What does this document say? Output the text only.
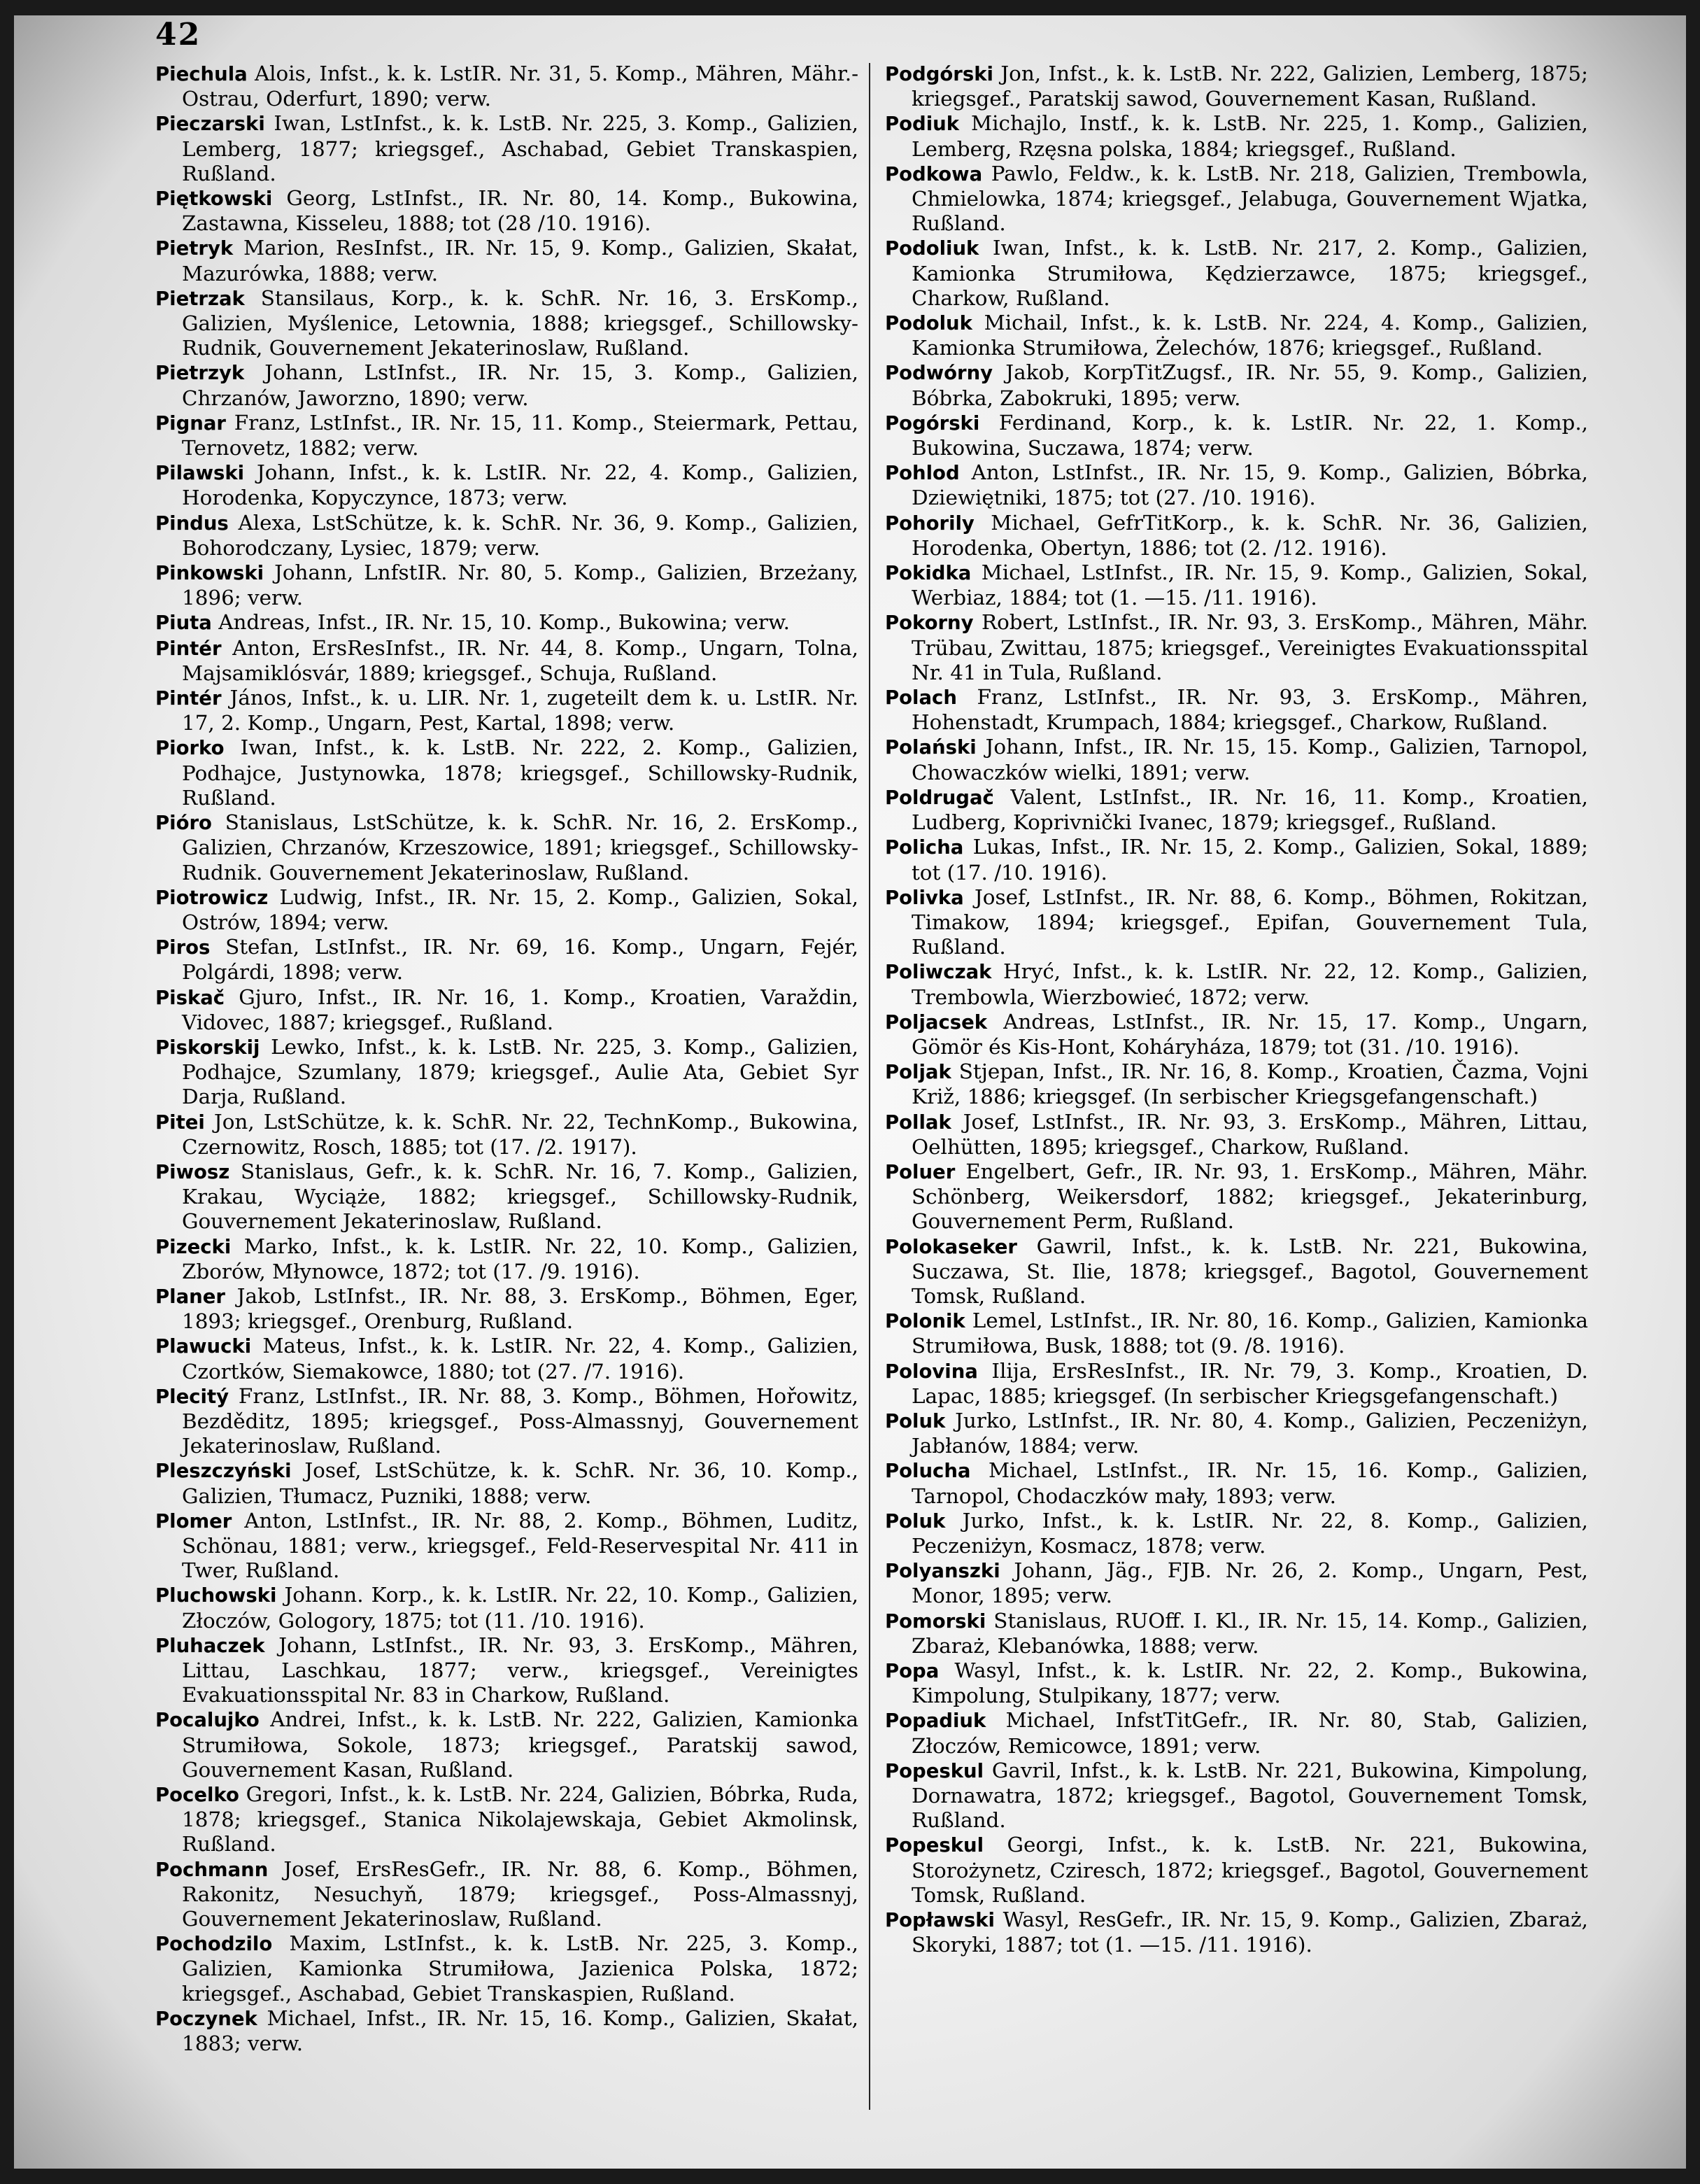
42

Piechula Alois, Infst., k. k. LstIR. Nr. 31, 5. Komp., Mähren, Mähr.-Ostrau, Oderfurt, 1890; verw.

Pieczarski Iwan, LstInfst., k. k. LstB. Nr. 225, 3. Komp., Galizien, Lemberg, 1877; kriegsgef., Aschabad, Gebiet Transkaspien, Rußland.

Piętkowski Georg, LstInfst., IR. Nr. 80, 14. Komp., Bukowina, Zastawna, Kisseleu, 1888; tot (28 /10. 1916).

Pietryk Marion, ResInfst., IR. Nr. 15, 9. Komp., Galizien, Skałat, Mazurówka, 1888; verw.

Pietrzak Stansilaus, Korp., k. k. SchR. Nr. 16, 3. ErsKomp., Galizien, Myślenice, Letownia, 1888; kriegsgef., Schillowsky-Rudnik, Gouvernement Jekaterinoslaw, Rußland.

Pietrzyk Johann, LstInfst., IR. Nr. 15, 3. Komp., Galizien, Chrzanów, Jaworzno, 1890; verw.

Pignar Franz, LstInfst., IR. Nr. 15, 11. Komp., Steiermark, Pettau, Ternovetz, 1882; verw.

Pilawski Johann, Infst., k. k. LstIR. Nr. 22, 4. Komp., Galizien, Horodenka, Kopyczynce, 1873; verw.

Pindus Alexa, LstSchütze, k. k. SchR. Nr. 36, 9. Komp., Galizien, Bohorodczany, Lysiec, 1879; verw.

Pinkowski Johann, LnfstIR. Nr. 80, 5. Komp., Galizien, Brzeżany, 1896; verw.

Piuta Andreas, Infst., IR. Nr. 15, 10. Komp., Bukowina; verw.

Pintér Anton, ErsResInfst., IR. Nr. 44, 8. Komp., Ungarn, Tolna, Majsamiklósvár, 1889; kriegsgef., Schuja, Rußland.

Pintér János, Infst., k. u. LIR. Nr. 1, zugeteilt dem k. u. LstIR. Nr. 17, 2. Komp., Ungarn, Pest, Kartal, 1898; verw.

Piorko Iwan, Infst., k. k. LstB. Nr. 222, 2. Komp., Galizien, Podhajce, Justynowka, 1878; kriegsgef., Schillowsky-Rudnik, Rußland.

Pióro Stanislaus, LstSchütze, k. k. SchR. Nr. 16, 2. ErsKomp., Galizien, Chrzanów, Krzeszowice, 1891; kriegsgef., Schillowsky-Rudnik. Gouvernement Jekaterinoslaw, Rußland.

Piotrowicz Ludwig, Infst., IR. Nr. 15, 2. Komp., Galizien, Sokal, Ostrów, 1894; verw.

Piros Stefan, LstInfst., IR. Nr. 69, 16. Komp., Ungarn, Fejér, Polgárdi, 1898; verw.

Piskač Gjuro, Infst., IR. Nr. 16, 1. Komp., Kroatien, Varaždin, Vidovec, 1887; kriegsgef., Rußland.

Piskorskij Lewko, Infst., k. k. LstB. Nr. 225, 3. Komp., Galizien, Podhajce, Szumlany, 1879; kriegsgef., Aulie Ata, Gebiet Syr Darja, Rußland.

Pitei Jon, LstSchütze, k. k. SchR. Nr. 22, TechnKomp., Bukowina, Czernowitz, Rosch, 1885; tot (17. /2. 1917).

Piwosz Stanislaus, Gefr., k. k. SchR. Nr. 16, 7. Komp., Galizien, Krakau, Wyciąże, 1882; kriegsgef., Schillowsky-Rudnik, Gouvernement Jekaterinoslaw, Rußland.

Pizecki Marko, Infst., k. k. LstIR. Nr. 22, 10. Komp., Galizien, Zborów, Młynowce, 1872; tot (17. /9. 1916).

Planer Jakob, LstInfst., IR. Nr. 88, 3. ErsKomp., Böhmen, Eger, 1893; kriegsgef., Orenburg, Rußland.

Plawucki Mateus, Infst., k. k. LstIR. Nr. 22, 4. Komp., Galizien, Czortków, Siemakowce, 1880; tot (27. /7. 1916).

Plecitý Franz, LstInfst., IR. Nr. 88, 3. Komp., Böhmen, Hořowitz, Bezděditz, 1895; kriegsgef., Poss-Almassnyj, Gouvernement Jekaterinoslaw, Rußland.

Pleszczyński Josef, LstSchütze, k. k. SchR. Nr. 36, 10. Komp., Galizien, Tłumacz, Puzniki, 1888; verw.

Plomer Anton, LstInfst., IR. Nr. 88, 2. Komp., Böhmen, Luditz, Schönau, 1881; verw., kriegsgef., Feld-Reservespital Nr. 411 in Twer, Rußland.

Pluchowski Johann. Korp., k. k. LstIR. Nr. 22, 10. Komp., Galizien, Złoczów, Gologory, 1875; tot (11. /10. 1916).

Pluhaczek Johann, LstInfst., IR. Nr. 93, 3. ErsKomp., Mähren, Littau, Laschkau, 1877; verw., kriegsgef., Vereinigtes Evakuationsspital Nr. 83 in Charkow, Rußland.

Pocalujko Andrei, Infst., k. k. LstB. Nr. 222, Galizien, Kamionka Strumiłowa, Sokole, 1873; kriegsgef., Paratskij sawod, Gouvernement Kasan, Rußland.

Pocelko Gregori, Infst., k. k. LstB. Nr. 224, Galizien, Bóbrka, Ruda, 1878; kriegsgef., Stanica Nikolajewskaja, Gebiet Akmolinsk, Rußland.

Pochmann Josef, ErsResGefr., IR. Nr. 88, 6. Komp., Böhmen, Rakonitz, Nesuchyň, 1879; kriegsgef., Poss-Almassnyj, Gouvernement Jekaterinoslaw, Rußland.

Pochodzilo Maxim, LstInfst., k. k. LstB. Nr. 225, 3. Komp., Galizien, Kamionka Strumiłowa, Jazienica Polska, 1872; kriegsgef., Aschabad, Gebiet Transkaspien, Rußland.

Poczynek Michael, Infst., IR. Nr. 15, 16. Komp., Galizien, Skałat, 1883; verw.

Podgórski Jon, Infst., k. k. LstB. Nr. 222, Galizien, Lemberg, 1875; kriegsgef., Paratskij sawod, Gouvernement Kasan, Rußland.

Podiuk Michajlo, Instf., k. k. LstB. Nr. 225, 1. Komp., Galizien, Lemberg, Rzęsna polska, 1884; kriegsgef., Rußland.

Podkowa Pawlo, Feldw., k. k. LstB. Nr. 218, Galizien, Trembowla, Chmielowka, 1874; kriegsgef., Jelabuga, Gouvernement Wjatka, Rußland.

Podoliuk Iwan, Infst., k. k. LstB. Nr. 217, 2. Komp., Galizien, Kamionka Strumiłowa, Kędzierzawce, 1875; kriegsgef., Charkow, Rußland.

Podoluk Michail, Infst., k. k. LstB. Nr. 224, 4. Komp., Galizien, Kamionka Strumiłowa, Żelechów, 1876; kriegsgef., Rußland.

Podwórny Jakob, KorpTitZugsf., IR. Nr. 55, 9. Komp., Galizien, Bóbrka, Zabokruki, 1895; verw.

Pogórski Ferdinand, Korp., k. k. LstIR. Nr. 22, 1. Komp., Bukowina, Suczawa, 1874; verw.

Pohlod Anton, LstInfst., IR. Nr. 15, 9. Komp., Galizien, Bóbrka, Dziewiętniki, 1875; tot (27. /10. 1916).

Pohorily Michael, GefrTitKorp., k. k. SchR. Nr. 36, Galizien, Horodenka, Obertyn, 1886; tot (2. /12. 1916).

Pokidka Michael, LstInfst., IR. Nr. 15, 9. Komp., Galizien, Sokal, Werbiaz, 1884; tot (1. —15. /11. 1916).

Pokorny Robert, LstInfst., IR. Nr. 93, 3. ErsKomp., Mähren, Mähr. Trübau, Zwittau, 1875; kriegsgef., Vereinigtes Evakuationsspital Nr. 41 in Tula, Rußland.

Polach Franz, LstInfst., IR. Nr. 93, 3. ErsKomp., Mähren, Hohenstadt, Krumpach, 1884; kriegsgef., Charkow, Rußland.

Polański Johann, Infst., IR. Nr. 15, 15. Komp., Galizien, Tarnopol, Chowaczków wielki, 1891; verw.

Poldrugač Valent, LstInfst., IR. Nr. 16, 11. Komp., Kroatien, Ludberg, Koprivnički Ivanec, 1879; kriegsgef., Rußland.

Policha Lukas, Infst., IR. Nr. 15, 2. Komp., Galizien, Sokal, 1889; tot (17. /10. 1916).

Polivka Josef, LstInfst., IR. Nr. 88, 6. Komp., Böhmen, Rokitzan, Timakow, 1894; kriegsgef., Epifan, Gouvernement Tula, Rußland.

Poliwczak Hryć, Infst., k. k. LstIR. Nr. 22, 12. Komp., Galizien, Trembowla, Wierzbowieć, 1872; verw.

Poljacsek Andreas, LstInfst., IR. Nr. 15, 17. Komp., Ungarn, Gömör és Kis-Hont, Koháryháza, 1879; tot (31. /10. 1916).

Poljak Stjepan, Infst., IR. Nr. 16, 8. Komp., Kroatien, Čazma, Vojni Križ, 1886; kriegsgef. (In serbischer Kriegsgefangenschaft.)

Pollak Josef, LstInfst., IR. Nr. 93, 3. ErsKomp., Mähren, Littau, Oelhütten, 1895; kriegsgef., Charkow, Rußland.

Poluer Engelbert, Gefr., IR. Nr. 93, 1. ErsKomp., Mähren, Mähr. Schönberg, Weikersdorf, 1882; kriegsgef., Jekaterinburg, Gouvernement Perm, Rußland.

Polokaseker Gawril, Infst., k. k. LstB. Nr. 221, Bukowina, Suczawa, St. Ilie, 1878; kriegsgef., Bagotol, Gouvernement Tomsk, Rußland.

Polonik Lemel, LstInfst., IR. Nr. 80, 16. Komp., Galizien, Kamionka Strumiłowa, Busk, 1888; tot (9. /8. 1916).

Polovina Ilija, ErsResInfst., IR. Nr. 79, 3. Komp., Kroatien, D. Lapac, 1885; kriegsgef. (In serbischer Kriegsgefangenschaft.)

Poluk Jurko, LstInfst., IR. Nr. 80, 4. Komp., Galizien, Peczeniżyn, Jabłanów, 1884; verw.

Polucha Michael, LstInfst., IR. Nr. 15, 16. Komp., Galizien, Tarnopol, Chodaczków mały, 1893; verw.

Poluk Jurko, Infst., k. k. LstIR. Nr. 22, 8. Komp., Galizien, Peczeniżyn, Kosmacz, 1878; verw.

Polyanszki Johann, Jäg., FJB. Nr. 26, 2. Komp., Ungarn, Pest, Monor, 1895; verw.

Pomorski Stanislaus, RUOff. I. Kl., IR. Nr. 15, 14. Komp., Galizien, Zbaraż, Klebanówka, 1888; verw.

Popa Wasyl, Infst., k. k. LstIR. Nr. 22, 2. Komp., Bukowina, Kimpolung, Stulpikany, 1877; verw.

Popadiuk Michael, InfstTitGefr., IR. Nr. 80, Stab, Galizien, Złoczów, Remicowce, 1891; verw.

Popeskul Gavril, Infst., k. k. LstB. Nr. 221, Bukowina, Kimpolung, Dornawatra, 1872; kriegsgef., Bagotol, Gouvernement Tomsk, Rußland.

Popeskul Georgi, Infst., k. k. LstB. Nr. 221, Bukowina, Storożynetz, Czirеsch, 1872; kriegsgef., Bagotol, Gouvernement Tomsk, Rußland.

Popławski Wasyl, ResGefr., IR. Nr. 15, 9. Komp., Galizien, Zbaraż, Skoryki, 1887; tot (1. —15. /11. 1916).
